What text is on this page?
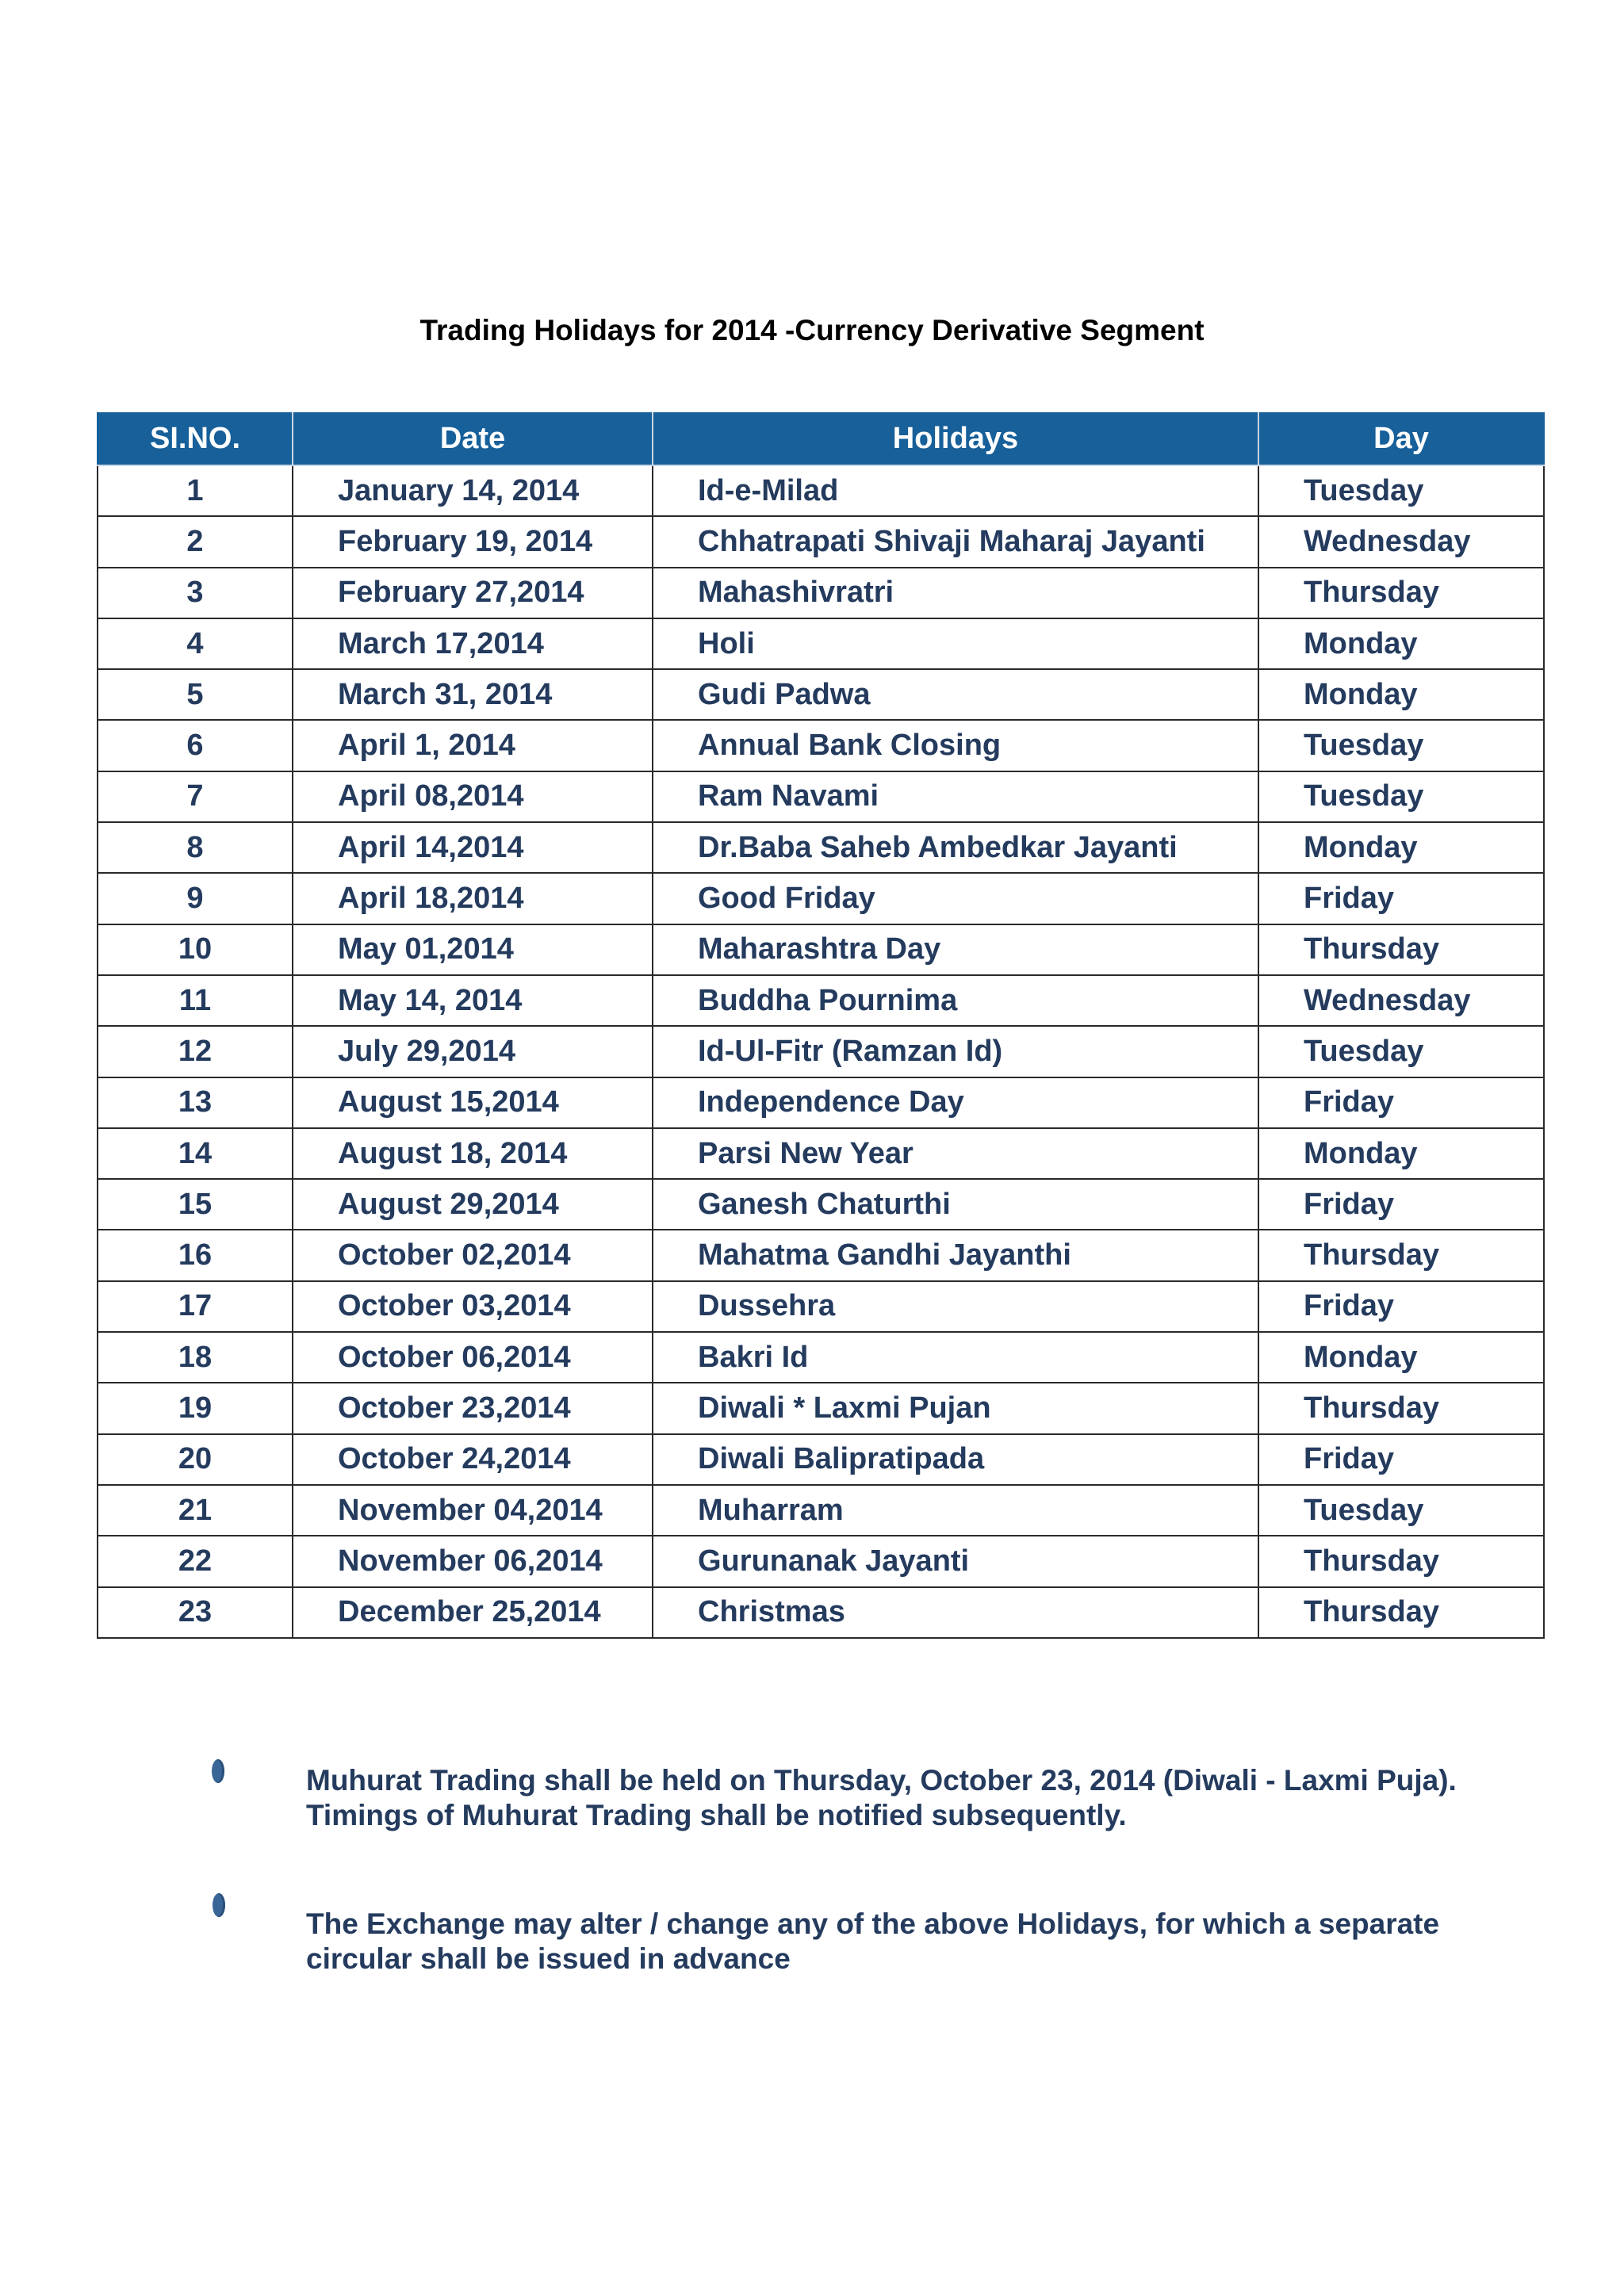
Trading Holidays for 2014 -Currency Derivative Segment
SI.NO.	Date	Holidays	Day
1	January 14, 2014	Id-e-Milad	Tuesday
2	February 19, 2014	Chhatrapati Shivaji Maharaj Jayanti	Wednesday
3	February 27,2014	Mahashivratri	Thursday
4	March 17,2014	Holi	Monday
5	March 31, 2014	Gudi Padwa	Monday
6	April 1, 2014	Annual Bank Closing	Tuesday
7	April 08,2014	Ram Navami	Tuesday
8	April 14,2014	Dr.Baba Saheb Ambedkar Jayanti	Monday
9	April 18,2014	Good Friday	Friday
10	May 01,2014	Maharashtra Day	Thursday
11	May 14, 2014	Buddha Pournima	Wednesday
12	July 29,2014	Id-Ul-Fitr (Ramzan Id)	Tuesday
13	August 15,2014	Independence Day	Friday
14	August 18, 2014	Parsi New Year	Monday
15	August 29,2014	Ganesh Chaturthi	Friday
16	October 02,2014	Mahatma Gandhi Jayanthi	Thursday
17	October 03,2014	Dussehra	Friday
18	October 06,2014	Bakri Id	Monday
19	October 23,2014	Diwali * Laxmi Pujan	Thursday
20	October 24,2014	Diwali Balipratipada	Friday
21	November 04,2014	Muharram	Tuesday
22	November 06,2014	Gurunanak Jayanti	Thursday
23	December 25,2014	Christmas	Thursday
Muhurat Trading shall be held on Thursday, October 23, 2014 (Diwali - Laxmi Puja).
Timings of Muhurat Trading shall be notified subsequently.
The Exchange may alter / change any of the above Holidays, for which a separate
circular shall be issued in advance
